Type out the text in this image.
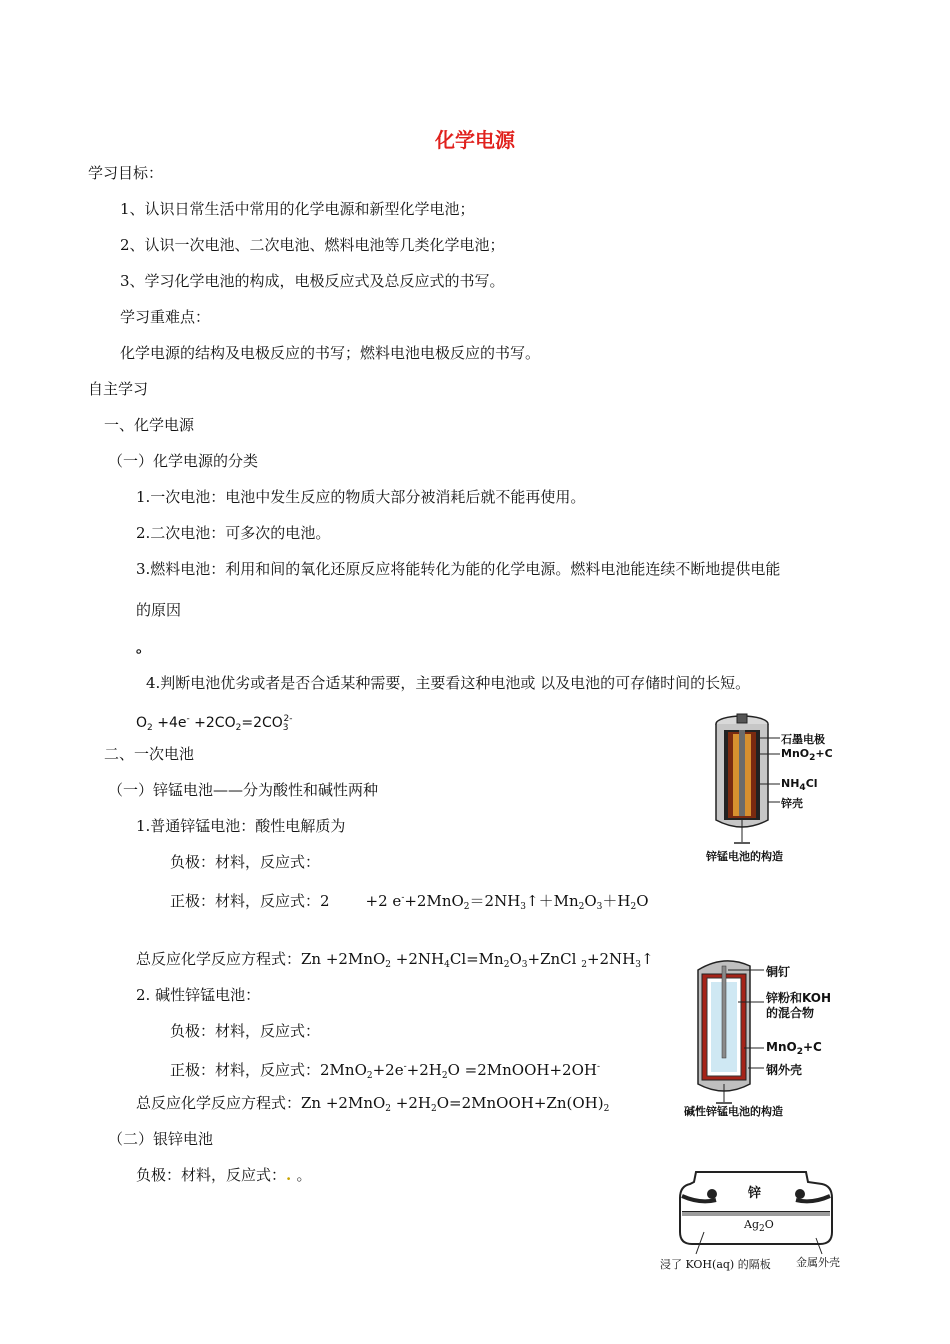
化学电源
学习目标：
1、认识日常生活中常用的化学电源和新型化学电池；
2、认识一次电池、二次电池、燃料电池等几类化学电池；
3、学习化学电池的构成，电极反应式及总反应式的书写。
学习重难点：
化学电源的结构及电极反应的书写；燃料电池电极反应的书写。
自主学习
一、化学电源
（一）化学电源的分类
1.一次电池：电池中发生反应的物质大部分被消耗后就不能再使用。
2.二次电池：可多次的电池。
3.燃料电池：利用和间的氧化还原反应将能转化为能的化学电源。燃料电池能连续不断地提供电能
的原因
。
4.判断电池优劣或者是否合适某种需要，主要看这种电池或 以及电池的可存储时间的长短。
$O_2 +4e^- +2CO_2=2CO_3^{2-}$
二、一次电池
（一）锌锰电池——分为酸性和碱性两种
1.普通锌锰电池：酸性电解质为
负极：材料，反应式：
正极：材料，反应式：2 +2 $e^-+2MnO_2=2NH_3↑+Mn_2O_3+H_2O$
总反应化学反应方程式：$Zn +2MnO_2 +2NH_4Cl=Mn_2O_3+ZnCl$ $_2+2NH_3↑$
2. 碱性锌锰电池：
负极：材料，反应式：
正极：材料，反应式：$2MnO_2+2e^-+2H_2O$ =2MnOOH+2OH-
总反应化学反应方程式：$Zn +2MnO_2 +2H_2O=2MnOOH+Zn(OH)_2$
（二）银锌电池
负极：材料，反应式：. 。
石墨电极
MnO$_2$+C
$NH_4Cl$
锌壳
锌锰电池的构造
铜钉
锌粉和KOH
的混合物
MnO$_2$+C
钢外壳
碱性锌锰电池的构造
锌
$Ag_2O$
浸了 KOH(aq) 的隔板 金属外壳
